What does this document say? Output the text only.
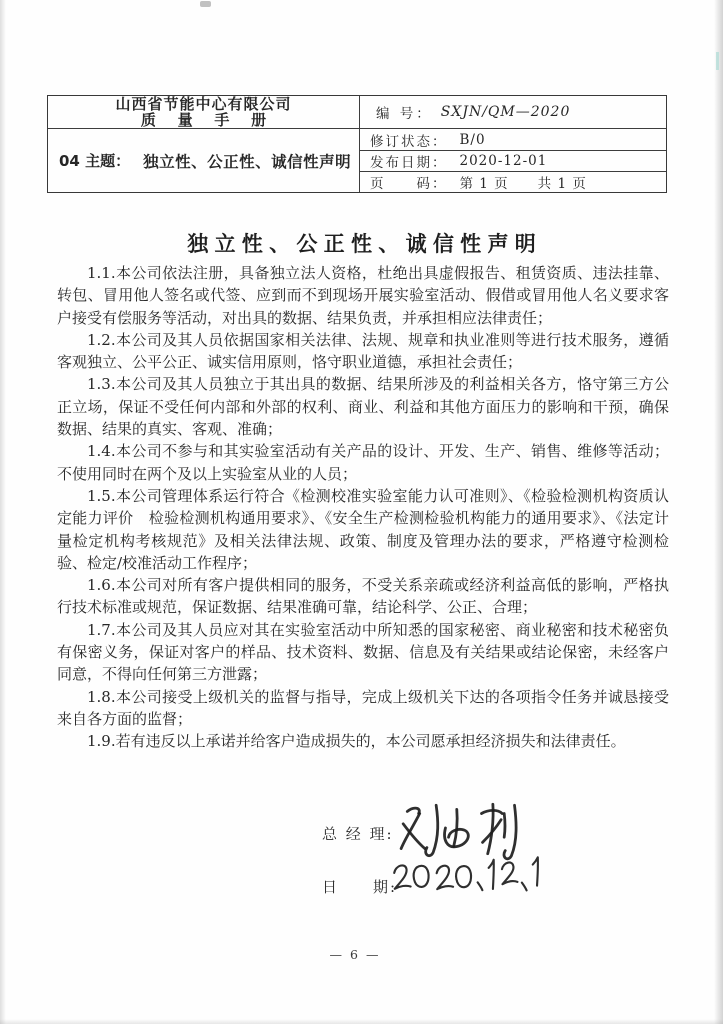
山西省节能中心有限公司
质 量 手 册	编 号： SXJN/QM—2020
04 主题： 独立性、公正性、诚信性声明
修订状态： B/0
发布日期： 2020-12-01
页　　码： 第 1 页　　共 1 页
独立性、公正性、诚信性声明

1.1.本公司依法注册，具备独立法人资格，杜绝出具虚假报告、租赁资质、违法挂靠、转包、冒用他人签名或代签、应到而不到现场开展实验室活动、假借或冒用他人名义要求客户接受有偿服务等活动，对出具的数据、结果负责，并承担相应法律责任；

1.2.本公司及其人员依据国家相关法律、法规、规章和执业准则等进行技术服务，遵循客观独立、公平公正、诚实信用原则，恪守职业道德，承担社会责任；

1.3.本公司及其人员独立于其出具的数据、结果所涉及的利益相关各方，恪守第三方公正立场，保证不受任何内部和外部的权利、商业、利益和其他方面压力的影响和干预，确保数据、结果的真实、客观、准确；

1.4.本公司不参与和其实验室活动有关产品的设计、开发、生产、销售、维修等活动；不使用同时在两个及以上实验室从业的人员；

1.5.本公司管理体系运行符合《检测校准实验室能力认可准则》、《检验检测机构资质认定能力评价　检验检测机构通用要求》、《安全生产检测检验机构能力的通用要求》、《法定计量检定机构考核规范》及相关法律法规、政策、制度及管理办法的要求，严格遵守检测检验、检定/校准活动工作程序；

1.6.本公司对所有客户提供相同的服务，不受关系亲疏或经济利益高低的影响，严格执行技术标准或规范，保证数据、结果准确可靠，结论科学、公正、合理；

1.7.本公司及其人员应对其在实验室活动中所知悉的国家秘密、商业秘密和技术秘密负有保密义务，保证对客户的样品、技术资料、数据、信息及有关结果或结论保密，未经客户同意，不得向任何第三方泄露；

1.8.本公司接受上级机关的监督与指导，完成上级机关下达的各项指令任务并诚恳接受来自各方面的监督；

1.9.若有违反以上承诺并给客户造成损失的，本公司愿承担经济损失和法律责任。

总 经 理:
日　　期:
— 6 —
